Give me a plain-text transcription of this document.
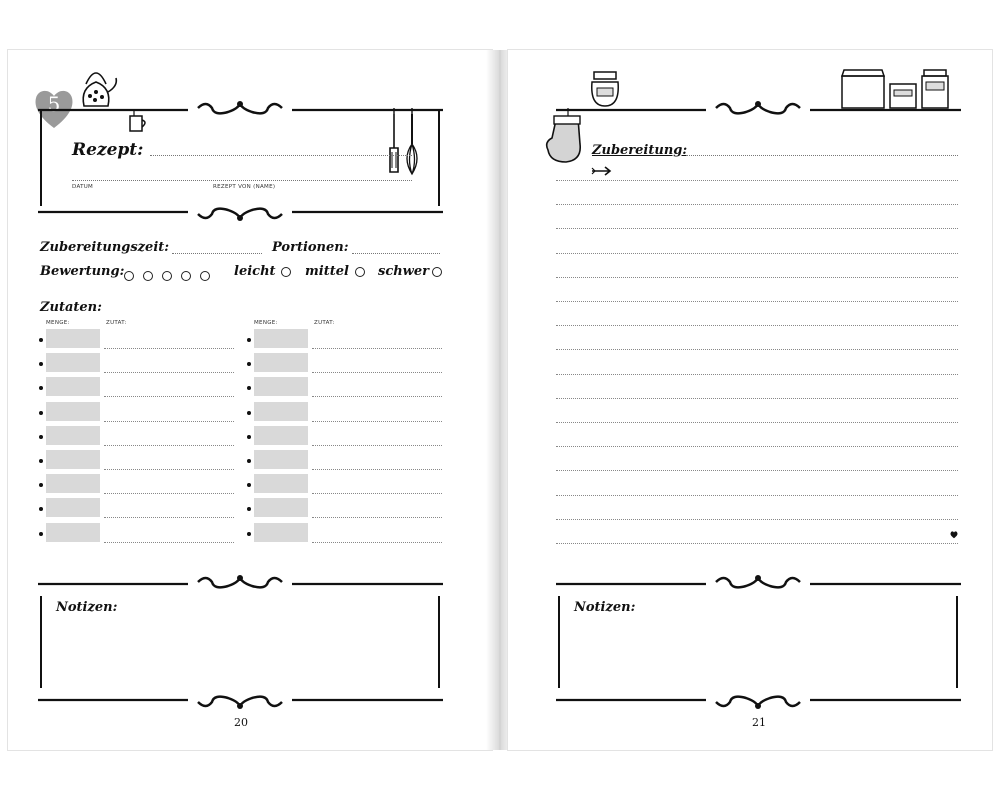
5
Rezept:
DATUM	REZEPT VON (NAME)
Zubereitungszeit:	Portionen:
Bewertung:	leicht mittel schwer
Zutaten:
MENGE:	ZUTAT:	MENGE:	ZUTAT:
Notizen:
20
Zubereitung:
Notizen:
21
